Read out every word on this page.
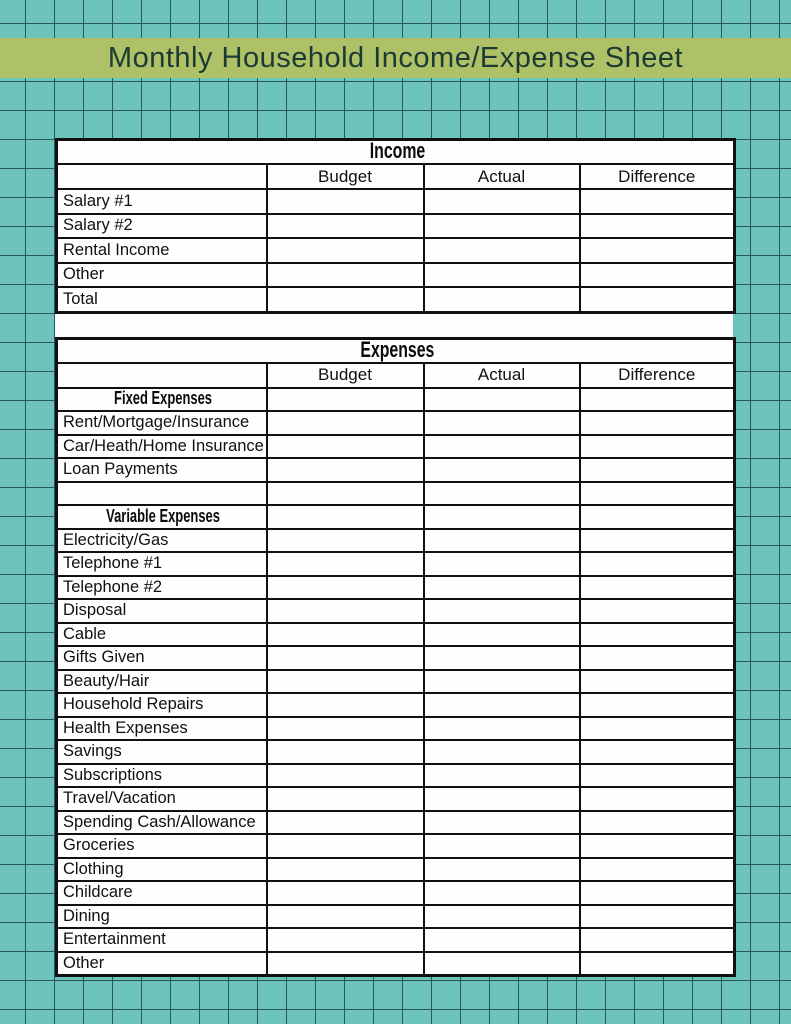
Monthly Household Income/Expense Sheet
Income			
	Budget	Actual	Difference
Salary #1			
Salary #2			
Rental Income			
Other			
Total			
Expenses			
	Budget	Actual	Difference
Fixed Expenses			
Rent/Mortgage/Insurance			
Car/Heath/Home Insurance			
Loan Payments			

Variable Expenses			
Electricity/Gas			
Telephone #1			
Telephone #2			
Disposal			
Cable			
Gifts Given			
Beauty/Hair			
Household Repairs			
Health Expenses			
Savings			
Subscriptions			
Travel/Vacation			
Spending Cash/Allowance			
Groceries			
Clothing			
Childcare			
Dining			
Entertainment			
Other			
